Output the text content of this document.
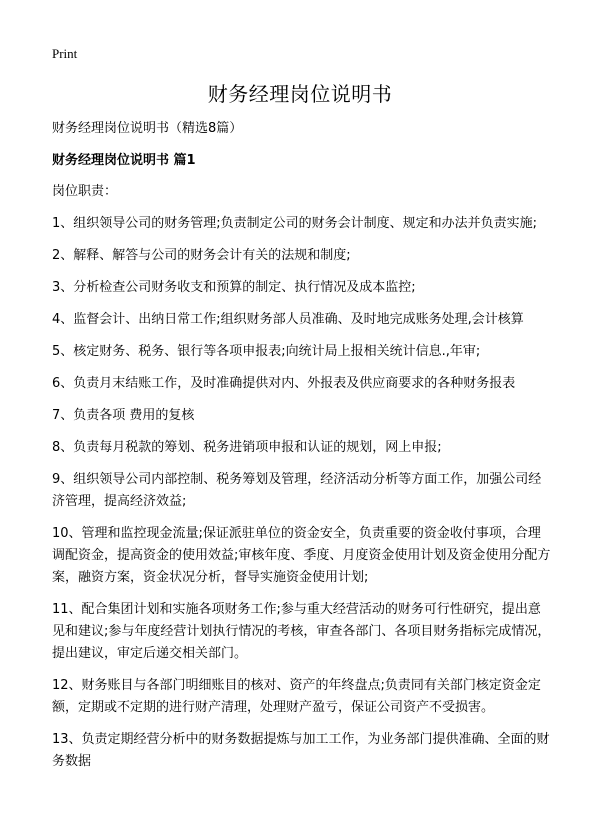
Print
财务经理岗位说明书

财务经理岗位说明书（精选8篇）

财务经理岗位说明书 篇1

岗位职责：

1、组织领导公司的财务管理;负责制定公司的财务会计制度、规定和办法并负责实施;
2、解释、解答与公司的财务会计有关的法规和制度;
3、分析检查公司财务收支和预算的制定、执行情况及成本监控;
4、监督会计、出纳日常工作;组织财务部人员准确、及时地完成账务处理,会计核算
5、核定财务、税务、银行等各项申报表;向统计局上报相关统计信息.,年审;
6、负责月末结账工作，及时准确提供对内、外报表及供应商要求的各种财务报表
7、负责各项 费用的复核
8、负责每月税款的筹划、税务进销项申报和认证的规划，网上申报;
9、组织领导公司内部控制、税务筹划及管理，经济活动分析等方面工作，加强公司经济管理，提高经济效益;
10、管理和监控现金流量;保证派驻单位的资金安全，负责重要的资金收付事项，合理调配资金，提高资金的使用效益;审核年度、季度、月度资金使用计划及资金使用分配方案，融资方案，资金状况分析，督导实施资金使用计划;
11、配合集团计划和实施各项财务工作;参与重大经营活动的财务可行性研究，提出意见和建议;参与年度经营计划执行情况的考核，审查各部门、各项目财务指标完成情况，提出建议，审定后递交相关部门。
12、财务账目与各部门明细账目的核对、资产的年终盘点;负责同有关部门核定资金定额，定期或不定期的进行财产清理，处理财产盈亏，保证公司资产不受损害。
13、负责定期经营分析中的财务数据提炼与加工工作，为业务部门提供准确、全面的财务数据
